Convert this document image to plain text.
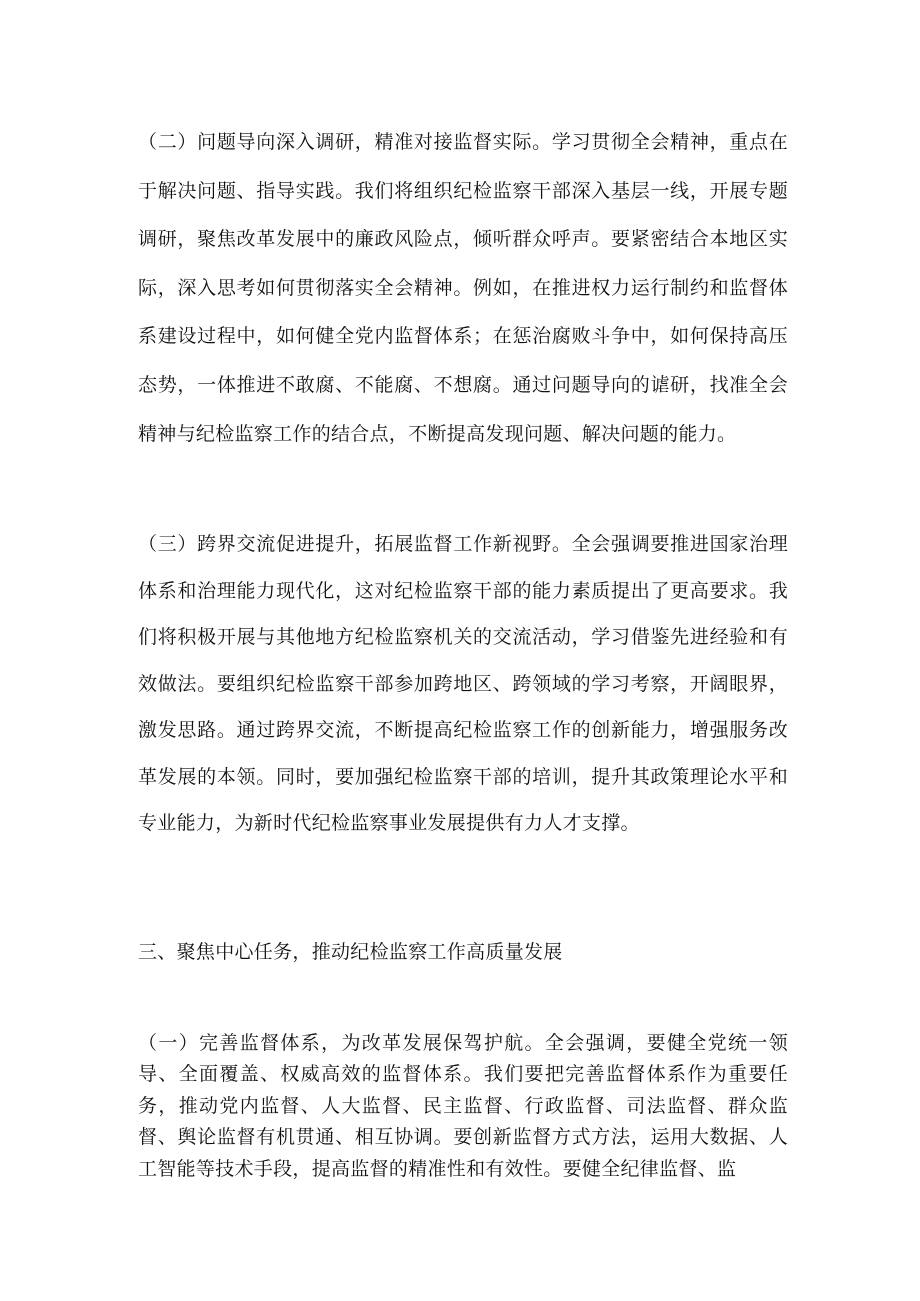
（二）问题导向深入调研，精准对接监督实际。学习贯彻全会精神，重点在于解决问题、指导实践。我们将组织纪检监察干部深入基层一线，开展专题调研，聚焦改革发展中的廉政风险点，倾听群众呼声。要紧密结合本地区实际，深入思考如何贯彻落实全会精神。例如，在推进权力运行制约和监督体系建设过程中，如何健全党内监督体系；在惩治腐败斗争中，如何保持高压态势，一体推进不敢腐、不能腐、不想腐。通过问题导向的谑研，找准全会精神与纪检监察工作的结合点，不断提高发现问题、解决问题的能力。

（三）跨界交流促进提升，拓展监督工作新视野。全会强调要推进国家治理体系和治理能力现代化，这对纪检监察干部的能力素质提出了更高要求。我们将积极开展与其他地方纪检监察机关的交流活动，学习借鉴先进经验和有效做法。要组织纪检监察干部参加跨地区、跨领域的学习考察，开阔眼界，激发思路。通过跨界交流，不断提高纪检监察工作的创新能力，增强服务改革发展的本领。同时，要加强纪检监察干部的培训，提升其政策理论水平和专业能力，为新时代纪检监察事业发展提供有力人才支撑。

三、聚焦中心任务，推动纪检监察工作高质量发展

（一）完善监督体系，为改革发展保驾护航。全会强调，要健全党统一领导、全面覆盖、权威高效的监督体系。我们要把完善监督体系作为重要任务，推动党内监督、人大监督、民主监督、行政监督、司法监督、群众监督、舆论监督有机贯通、相互协调。要创新监督方式方法，运用大数据、人工智能等技术手段，提高监督的精准性和有效性。要健全纪律监督、监
